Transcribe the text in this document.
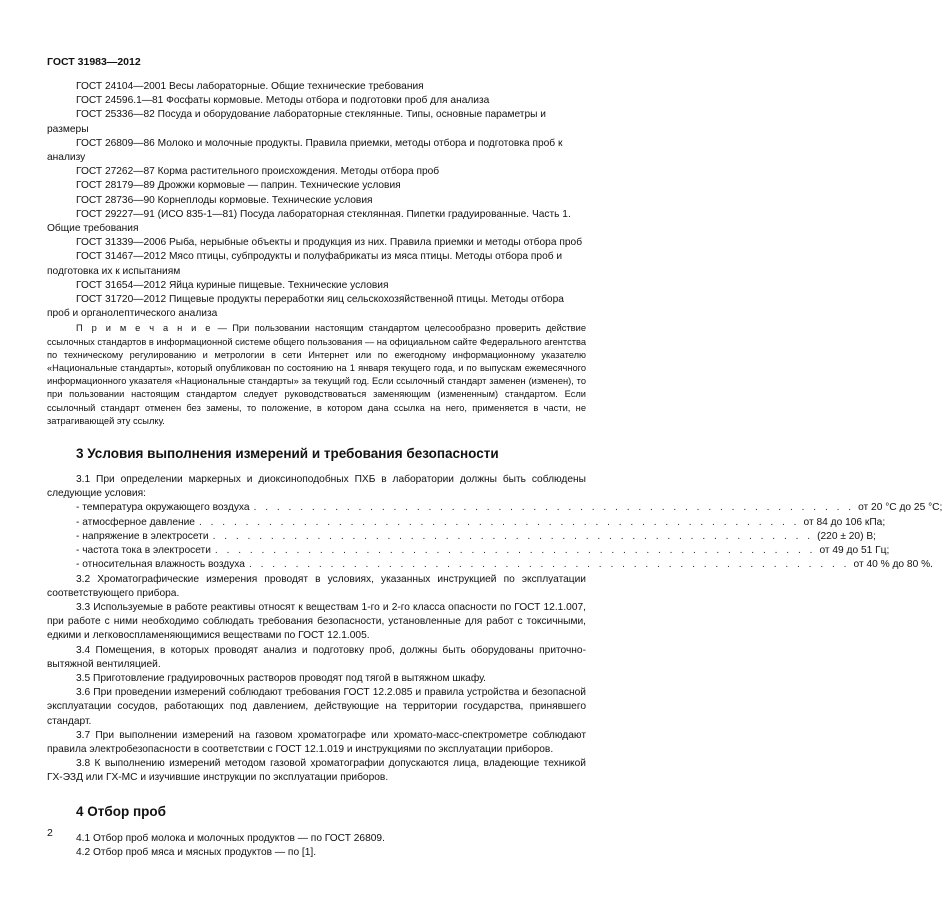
ГОСТ 31983—2012

ГОСТ 24104—2001 Весы лабораторные. Общие технические требования

ГОСТ 24596.1—81 Фосфаты кормовые. Методы отбора и подготовки проб для анализа

ГОСТ 25336—82 Посуда и оборудование лабораторные стеклянные. Типы, основные параметры и размеры

ГОСТ 26809—86 Молоко и молочные продукты. Правила приемки, методы отбора и подготовка проб к анализу

ГОСТ 27262—87 Корма растительного происхождения. Методы отбора проб

ГОСТ 28179—89 Дрожжи кормовые — паприн. Технические условия

ГОСТ 28736—90 Корнеплоды кормовые. Технические условия

ГОСТ 29227—91 (ИСО 835-1—81) Посуда лабораторная стеклянная. Пипетки градуированные. Часть 1. Общие требования

ГОСТ 31339—2006 Рыба, нерыбные объекты и продукция из них. Правила приемки и методы отбора проб

ГОСТ 31467—2012 Мясо птицы, субпродукты и полуфабрикаты из мяса птицы. Методы отбора проб и подготовка их к испытаниям

ГОСТ 31654—2012 Яйца куриные пищевые. Технические условия

ГОСТ 31720—2012 Пищевые продукты переработки яиц сельскохозяйственной птицы. Методы отбора проб и органолептического анализа

П р и м е ч а н и е — При пользовании настоящим стандартом целесообразно проверить действие ссылочных стандартов в информационной системе общего пользования — на официальном сайте Федерального агентства по техническому регулированию и метрологии в сети Интернет или по ежегодному информационному указателю «Национальные стандарты», который опубликован по состоянию на 1 января текущего года, и по выпускам ежемесячного информационного указателя «Национальные стандарты» за текущий год. Если ссылочный стандарт заменен (изменен), то при пользовании настоящим стандартом следует руководствоваться заменяющим (измененным) стандартом. Если ссылочный стандарт отменен без замены, то положение, в котором дана ссылка на него, применяется в части, не затрагивающей эту ссылку.

3 Условия выполнения измерений и требования безопасности

3.1 При определении маркерных и диоксиноподобных ПХБ в лаборатории должны быть соблюдены следующие условия:

- температура окружающего воздуха . . . . . . . . . . . . . . . . . . . . . . . . . . . . . . . . . . . . . . . . . . . . . . . . . . . . от 20 °С до 25 °С;
- атмосферное давление . . . . . . . . . . . . . . . . . . . . . . . . . . . . . . . . . . . . . . . . . . . . . . . . . . . . от 84 до 106 кПа;
- напряжение в электросети . . . . . . . . . . . . . . . . . . . . . . . . . . . . . . . . . . . . . . . . . . . . . . . . . . . . (220 ± 20) В;
- частота тока в электросети . . . . . . . . . . . . . . . . . . . . . . . . . . . . . . . . . . . . . . . . . . . . . . . . . . . . от 49 до 51 Гц;
- относительная влажность воздуха . . . . . . . . . . . . . . . . . . . . . . . . . . . . . . . . . . . . . . . . . . . . . . . . . . . . от 40 % до 80 %.

3.2 Хроматографические измерения проводят в условиях, указанных инструкцией по эксплуатации соответствующего прибора.

3.3 Используемые в работе реактивы относят к веществам 1-го и 2-го класса опасности по ГОСТ 12.1.007, при работе с ними необходимо соблюдать требования безопасности, установленные для работ с токсичными, едкими и легковоспламеняющимися веществами по ГОСТ 12.1.005.

3.4 Помещения, в которых проводят анализ и подготовку проб, должны быть оборудованы приточно-вытяжной вентиляцией.

3.5 Приготовление градуировочных растворов проводят под тягой в вытяжном шкафу.

3.6 При проведении измерений соблюдают требования ГОСТ 12.2.085 и правила устройства и безопасной эксплуатации сосудов, работающих под давлением, действующие на территории государства, принявшего стандарт.

3.7 При выполнении измерений на газовом хроматографе или хромато-масс-спектрометре соблюдают правила электробезопасности в соответствии с ГОСТ 12.1.019 и инструкциями по эксплуатации приборов.

3.8 К выполнению измерений методом газовой хроматографии допускаются лица, владеющие техникой ГХ-ЭЗД или ГХ-МС и изучившие инструкции по эксплуатации приборов.

4 Отбор проб

4.1 Отбор проб молока и молочных продуктов — по ГОСТ 26809.

4.2 Отбор проб мяса и мясных продуктов — по [1].

2
